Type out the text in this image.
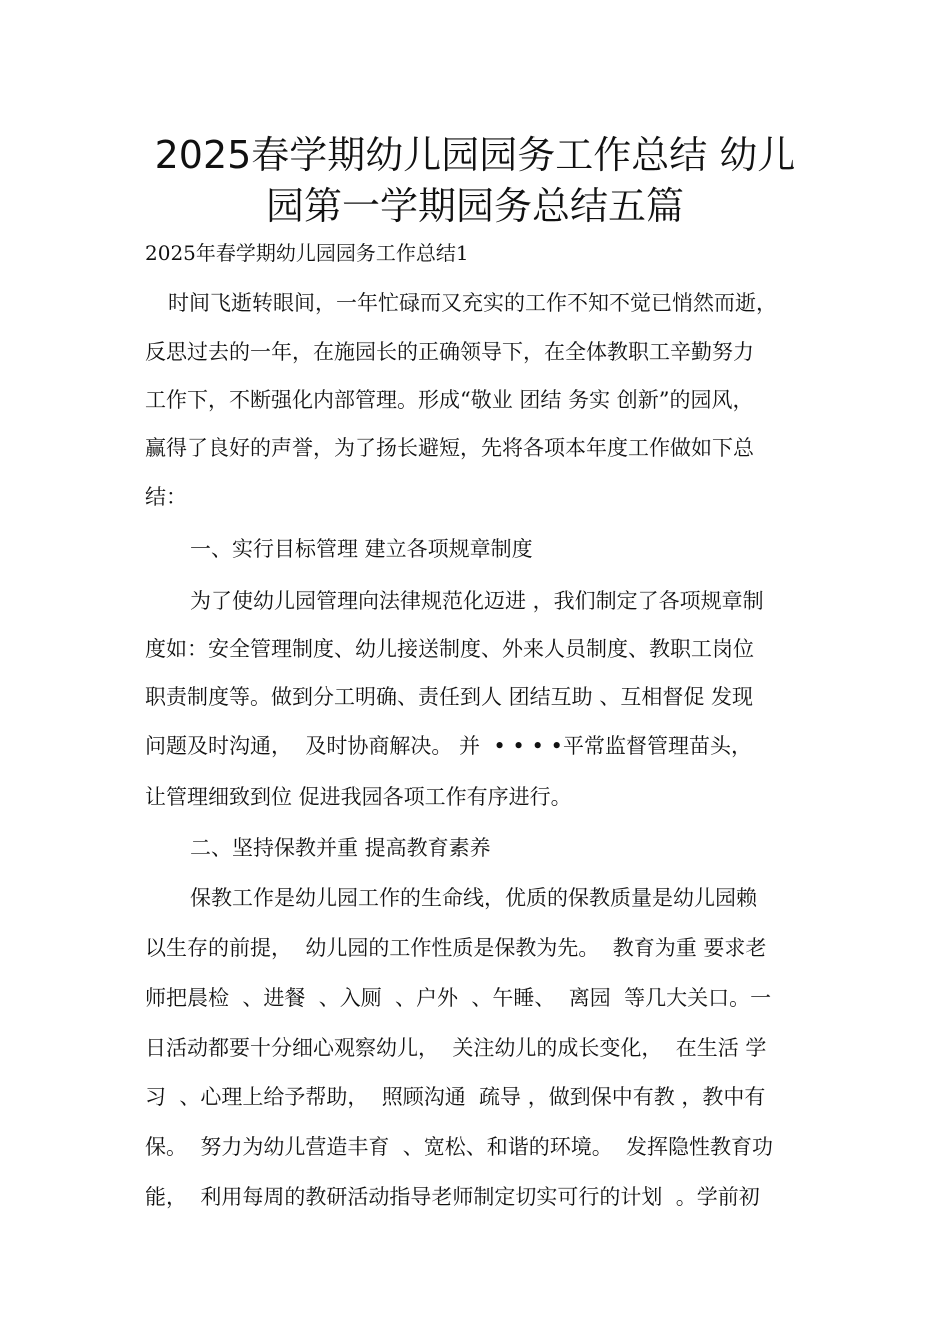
2025春学期幼儿园园务工作总结 幼儿
园第一学期园务总结五篇
2025年春学期幼儿园园务工作总结1
时间飞逝转眼间，一年忙碌而又充实的工作不知不觉已悄然而逝，
反思过去的一年，在施园长的正确领导下，在全体教职工辛勤努力
工作下，不断强化内部管理。形成“敬业 团结 务实 创新”的园风，
赢得了良好的声誉，为了扬长避短，先将各项本年度工作做如下总
结：
一、实行目标管理 建立各项规章制度
为了使幼儿园管理向法律规范化迈进 ，我们制定了各项规章制
度如：安全管理制度、幼儿接送制度、外来人员制度、教职工岗位
职责制度等。做到分工明确、责任到人 团结互助 、互相督促 发现
问题及时沟通，  及时协商解决。 并  • • • •平常监督管理苗头，
让管理细致到位 促进我园各项工作有序进行。
二、坚持保教并重 提高教育素养
保教工作是幼儿园工作的生命线，优质的保教质量是幼儿园赖
以生存的前提，  幼儿园的工作性质是保教为先。  教育为重 要求老
师把晨检  、进餐  、入厕  、户外  、午睡、  离园  等几大关口。一
日活动都要十分细心观察幼儿，  关注幼儿的成长变化，  在生活 学
习  、心理上给予帮助，  照顾沟通  疏导 ，做到保中有教 ，教中有
保。  努力为幼儿营造丰育  、宽松、和谐的环境。  发挥隐性教育功
能，  利用每周的教研活动指导老师制定切实可行的计划  。学前初
